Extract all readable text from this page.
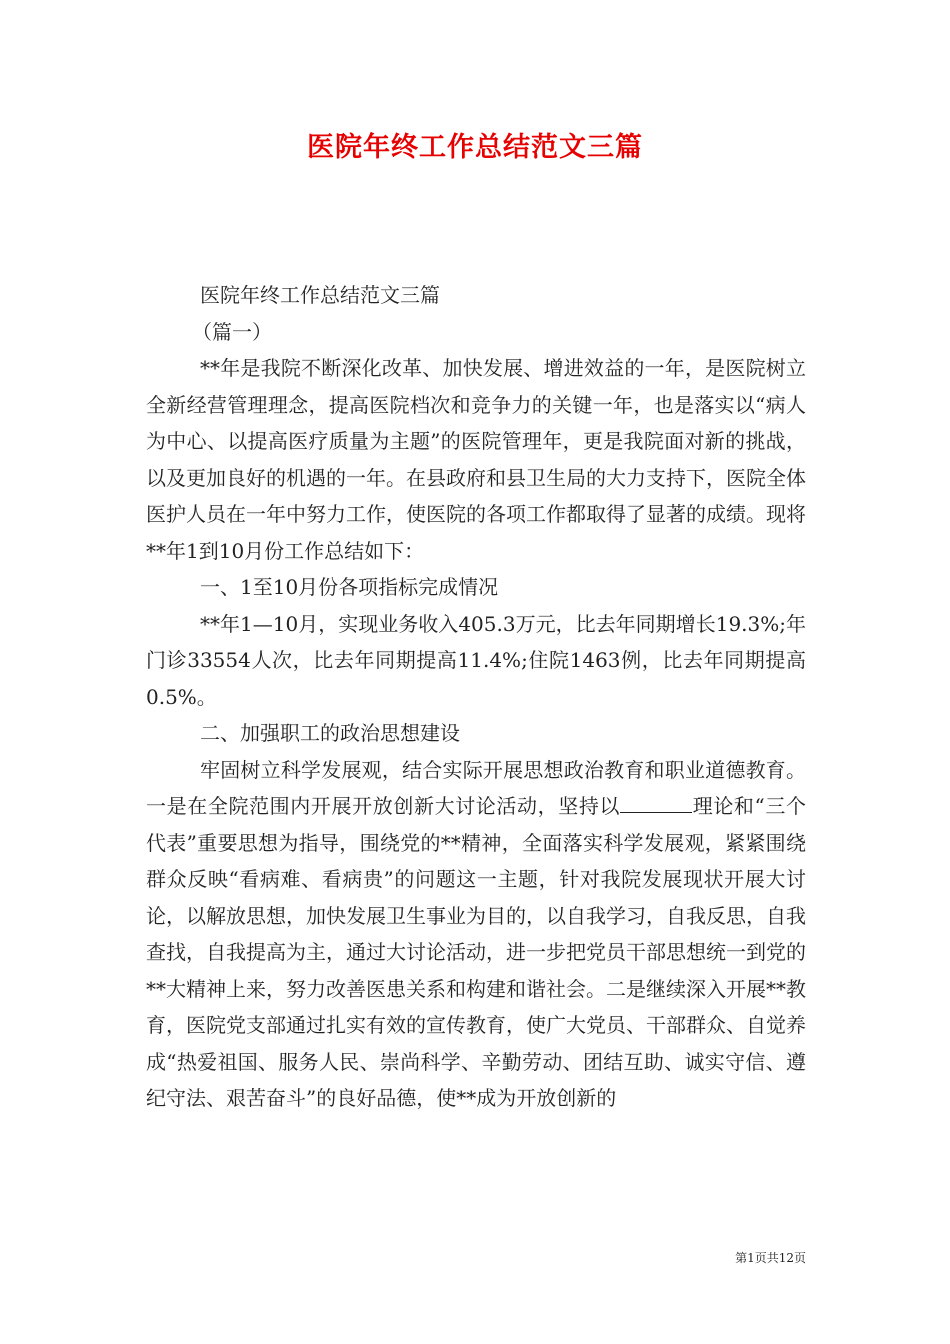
医院年终工作总结范文三篇

医院年终工作总结范文三篇

（篇一）

**年是我院不断深化改革、加快发展、增进效益的一年，是医院树立全新经营管理理念，提高医院档次和竞争力的关键一年，也是落实以“病人为中心、以提高医疗质量为主题”的医院管理年，更是我院面对新的挑战，以及更加良好的机遇的一年。在县政府和县卫生局的大力支持下，医院全体医护人员在一年中努力工作，使医院的各项工作都取得了显著的成绩。现将**年1到10月份工作总结如下：

一、1至10月份各项指标完成情况

**年1—10月，实现业务收入405.3万元，比去年同期增长19.3%;年门诊33554人次，比去年同期提高11.4%;住院1463例，比去年同期提高0.5%。

二、加强职工的政治思想建设

牢固树立科学发展观，结合实际开展思想政治教育和职业道德教育。一是在全院范围内开展开放创新大讨论活动，坚持以	理论和“三个代表”重要思想为指导，围绕党的**精神，全面落实科学发展观，紧紧围绕群众反映“看病难、看病贵”的问题这一主题，针对我院发展现状开展大讨论，以解放思想，加快发展卫生事业为目的，以自我学习，自我反思，自我查找，自我提高为主，通过大讨论活动，进一步把党员干部思想统一到党的**大精神上来，努力改善医患关系和构建和谐社会。二是继续深入开展**教育，医院党支部通过扎实有效的宣传教育，使广大党员、干部群众、自觉养成“热爱祖国、服务人民、崇尚科学、辛勤劳动、团结互助、诚实守信、遵纪守法、艰苦奋斗”的良好品德，使**成为开放创新的

第1页共12页
